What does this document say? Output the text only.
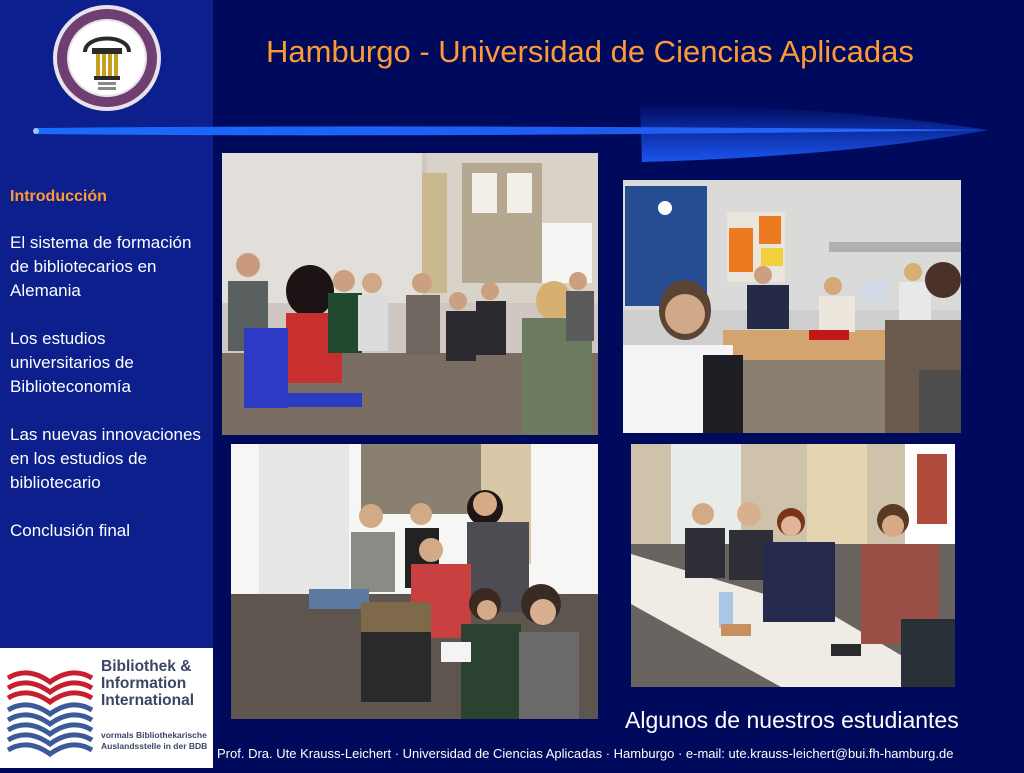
Introducción
El sistema de formación de bibliotecarios en Alemania
Los estudios universitarios de Biblioteconomía
Las nuevas innovaciones en los estudios de bibliotecario
Conclusión final
Bibliothek &
Information
International
vormals Bibliothekarische
Auslandsstelle in der BDB
Hamburgo - Universidad de Ciencias Aplicadas
Algunos de nuestros estudiantes
Prof. Dra. Ute Krauss-Leichert · Universidad de Ciencias Aplicadas · Hamburgo · e-mail: ute.krauss-leichert@bui.fh-hamburg.de
